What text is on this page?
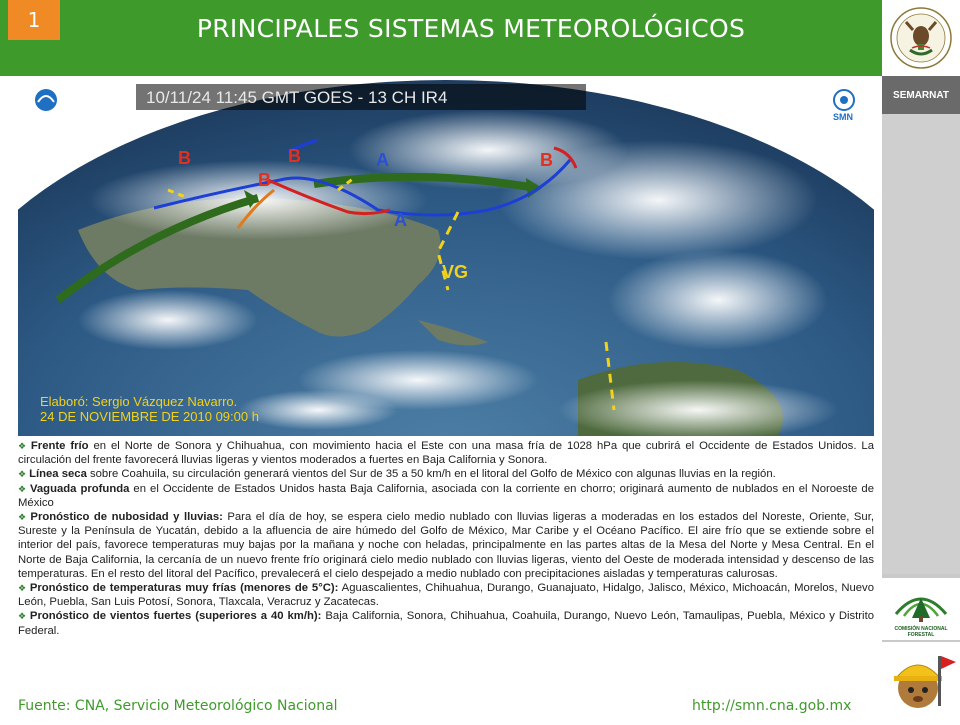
1	PRINCIPALES SISTEMAS METEOROLÓGICOS
SEMARNAT
COMISIÓN NACIONAL FORESTAL
10/11/24 11:45 GMT GOES - 13 CH IR4
CONAGUA	SMN
B	B
B
B
A
A
VG
Elaboró: Sergio Vázquez Navarro.
24 DE NOVIEMBRE DE 2010 09:00 h

❖ Frente frío en el Norte de Sonora y Chihuahua, con movimiento hacia el Este con una masa fría de 1028 hPa que cubrirá el Occidente de Estados Unidos. La circulación del frente favorecerá lluvias ligeras y vientos moderados a fuertes en Baja California y Sonora.

❖ Línea seca sobre Coahuila, su circulación generará vientos del Sur de 35 a 50 km/h en el litoral del Golfo de México con algunas lluvias en la región.

❖ Vaguada profunda en el Occidente de Estados Unidos hasta Baja California, asociada con la corriente en chorro; originará aumento de nublados en el Noroeste de México

❖ Pronóstico de nubosidad y lluvias: Para el día de hoy, se espera cielo medio nublado con lluvias ligeras a moderadas en los estados del Noreste, Oriente, Sur, Sureste y la Península de Yucatán, debido a la afluencia de aire húmedo del Golfo de México, Mar Caribe y el Océano Pacífico. El aire frío que se extiende sobre el interior del país, favorece temperaturas muy bajas por la mañana y noche con heladas, principalmente en las partes altas de la Mesa del Norte y Mesa Central. En el Norte de Baja California, la cercanía de un nuevo frente frío originará cielo medio nublado con lluvias ligeras, viento del Oeste de moderada intensidad y descenso de las temperaturas. En el resto del litoral del Pacífico, prevalecerá el cielo despejado a medio nublado con precipitaciones aisladas y temperaturas calurosas.

❖ Pronóstico de temperaturas muy frías (menores de 5°C): Aguascalientes, Chihuahua, Durango, Guanajuato, Hidalgo, Jalisco, México, Michoacán, Morelos, Nuevo León, Puebla, San Luis Potosí, Sonora, Tlaxcala, Veracruz y Zacatecas.

❖ Pronóstico de vientos fuertes (superiores a 40 km/h): Baja California, Sonora, Chihuahua, Coahuila, Durango, Nuevo León, Tamaulipas, Puebla, México y Distrito Federal.

Fuente: CNA, Servicio Meteorológico Nacional	http://smn.cna.gob.mx
